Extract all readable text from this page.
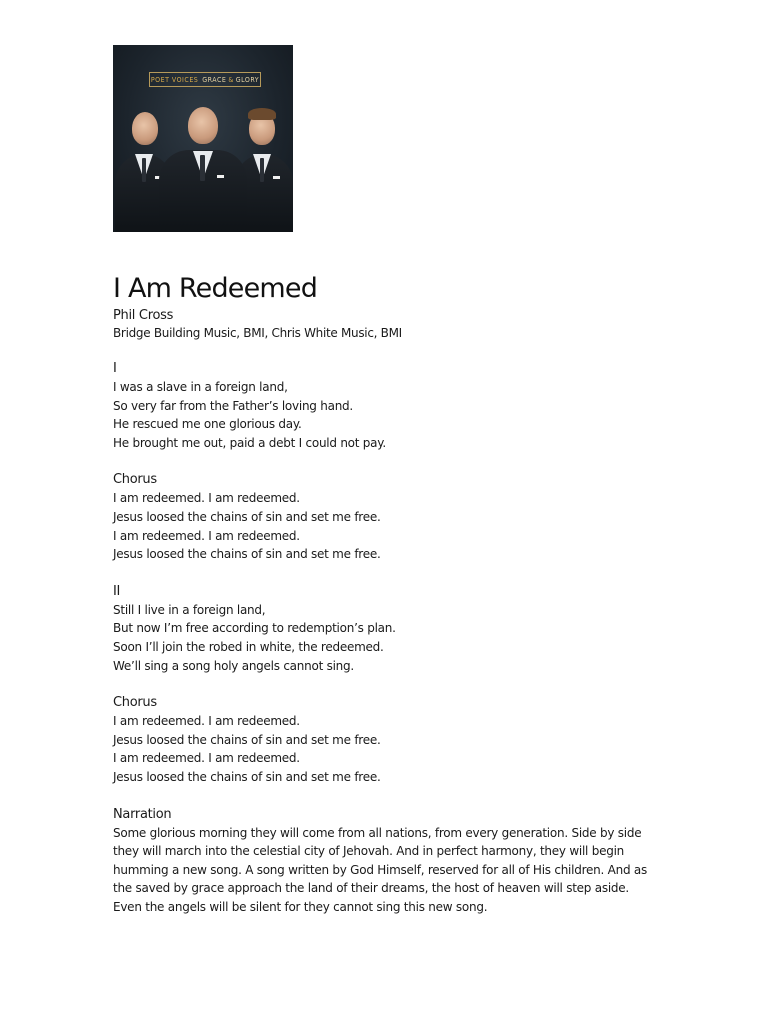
POET VOICES GRACE & GLORY
I Am Redeemed
Phil Cross
Bridge Building Music, BMI, Chris White Music, BMI
I
I was a slave in a foreign land,
So very far from the Father’s loving hand.
He rescued me one glorious day.
He brought me out, paid a debt I could not pay.
Chorus
I am redeemed. I am redeemed.
Jesus loosed the chains of sin and set me free.
I am redeemed. I am redeemed.
Jesus loosed the chains of sin and set me free.
II
Still I live in a foreign land,
But now I’m free according to redemption’s plan.
Soon I’ll join the robed in white, the redeemed.
We’ll sing a song holy angels cannot sing.
Chorus
I am redeemed. I am redeemed.
Jesus loosed the chains of sin and set me free.
I am redeemed. I am redeemed.
Jesus loosed the chains of sin and set me free.
Narration
Some glorious morning they will come from all nations, from every generation. Side by side they will march into the celestial city of Jehovah. And in perfect harmony, they will begin humming a new song. A song written by God Himself, reserved for all of His children. And as the saved by grace approach the land of their dreams, the host of heaven will step aside. Even the angels will be silent for they cannot sing this new song.
